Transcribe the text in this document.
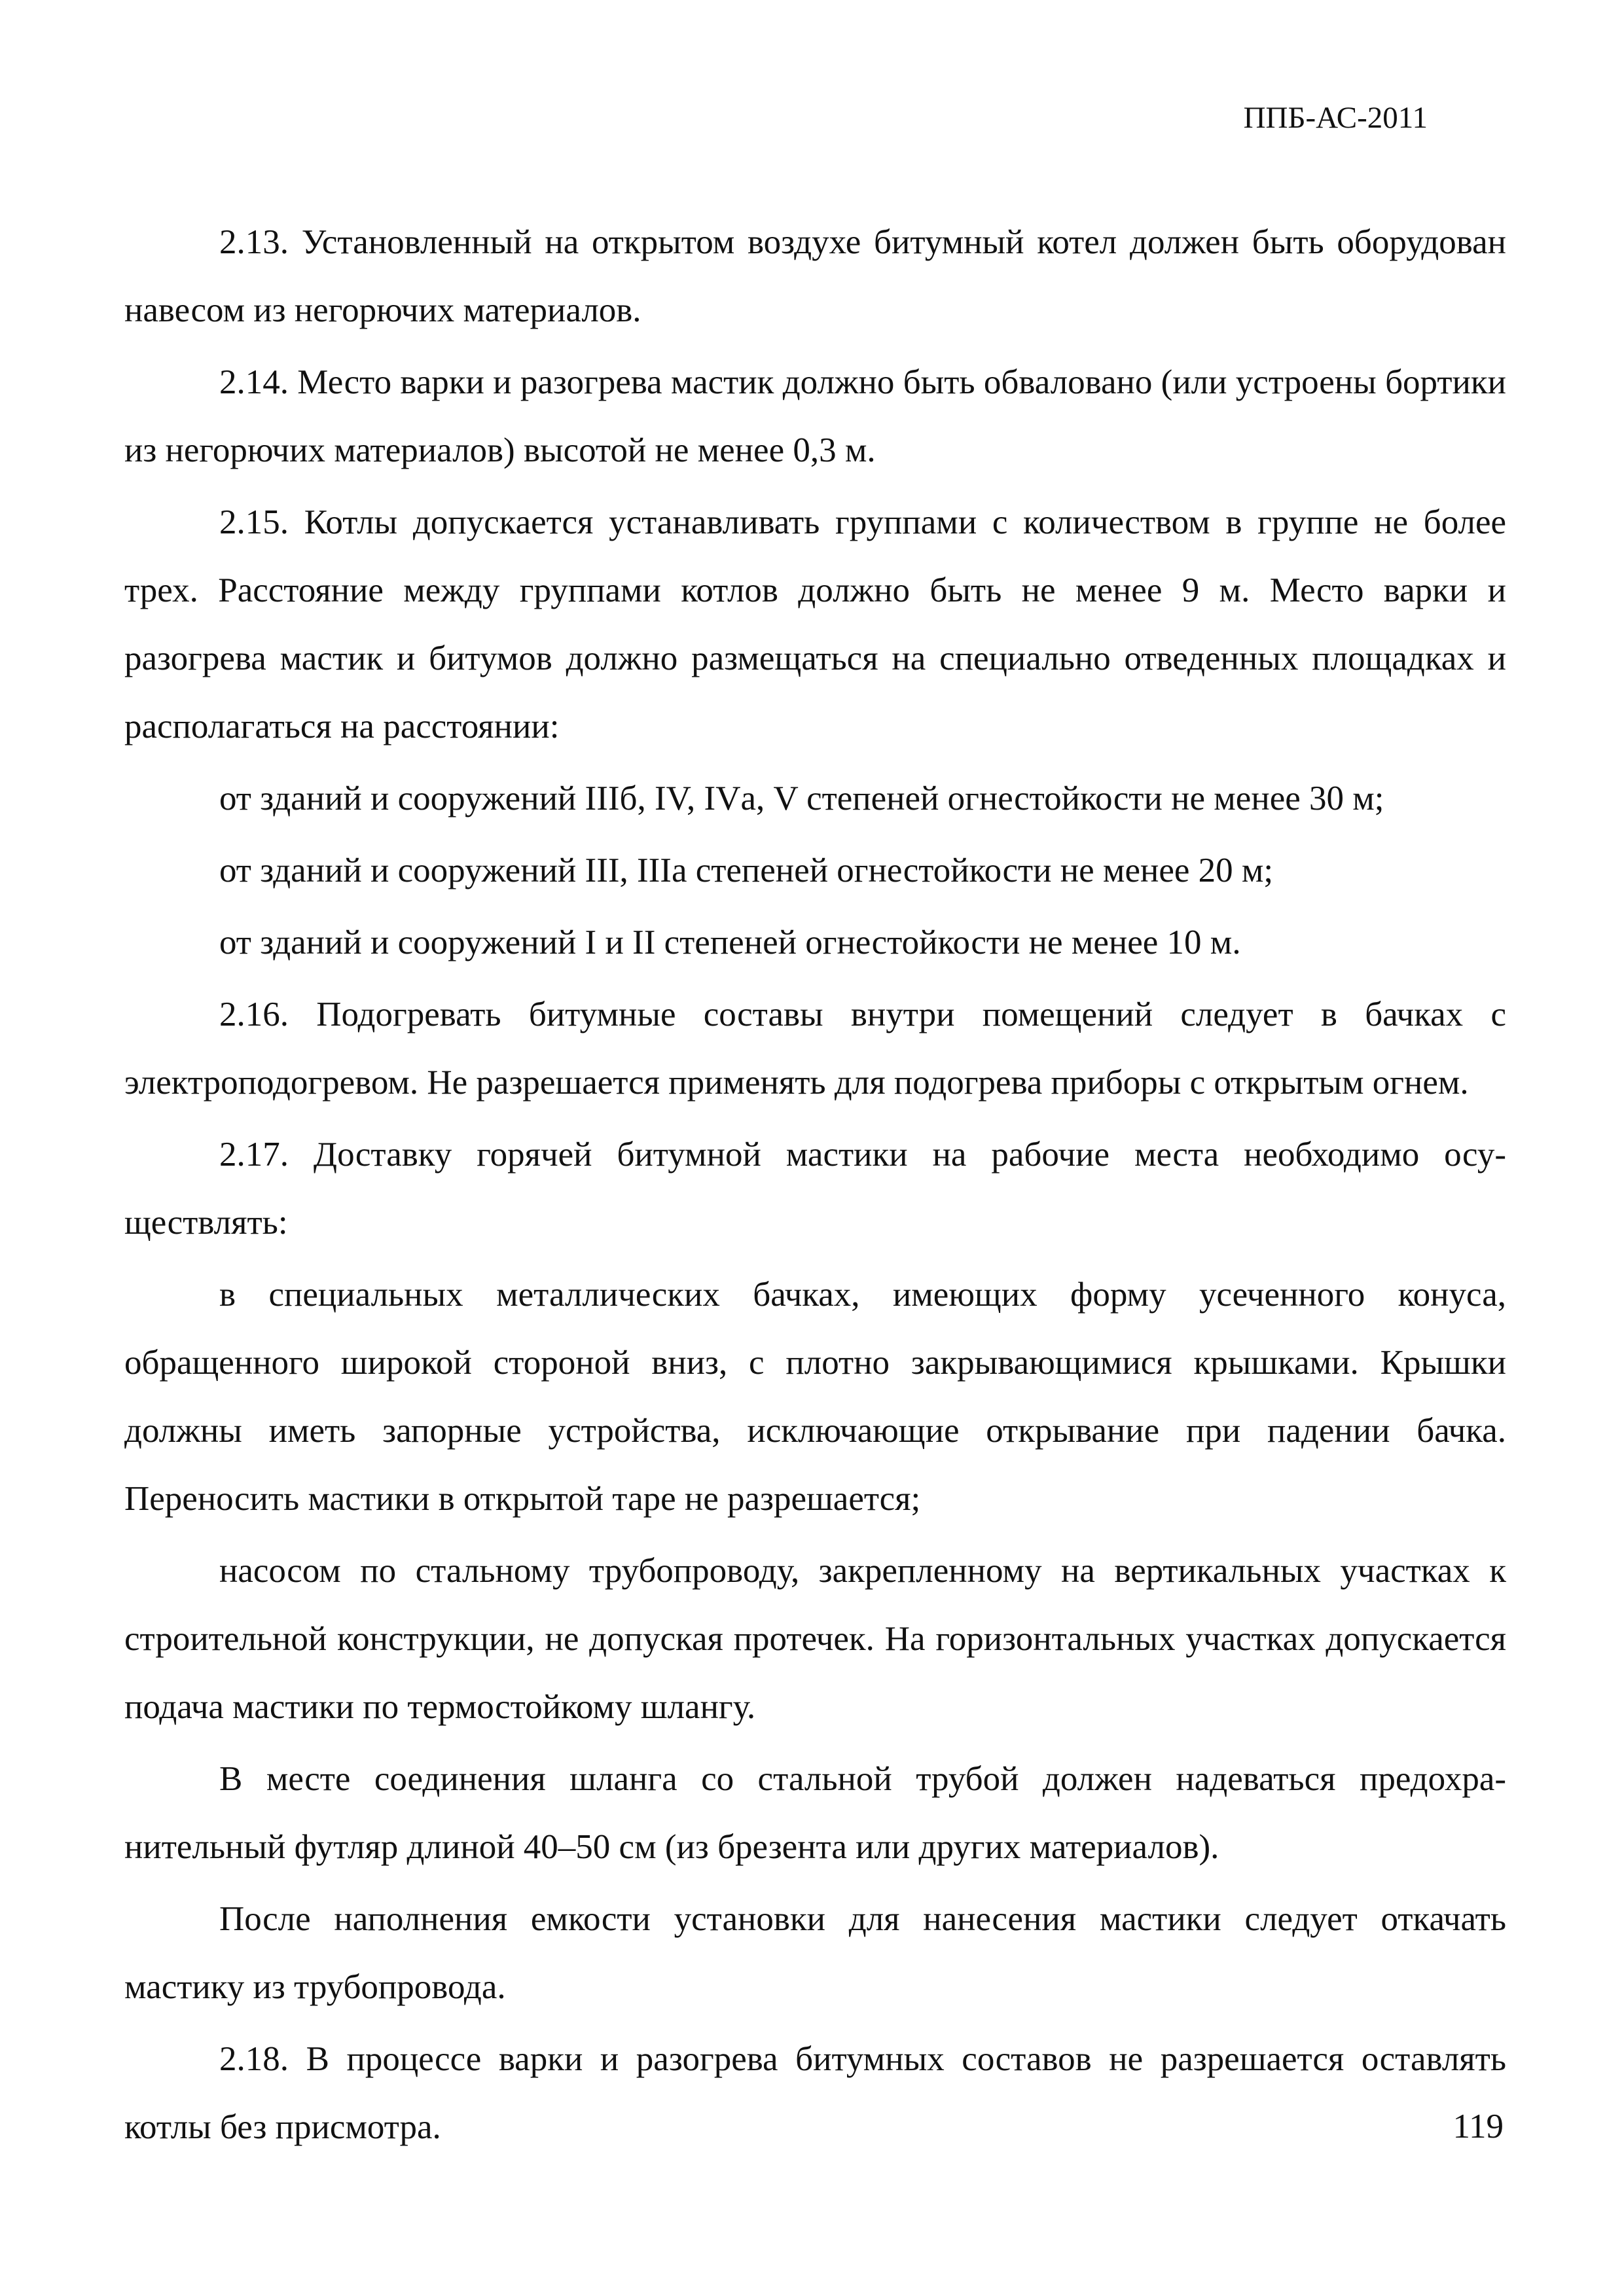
ППБ-АС-2011

2.13. Установленный на открытом воздухе битумный котел должен быть оборудован навесом из негорючих материалов.

2.14. Место варки и разогрева мастик должно быть обваловано (или устроены бортики из негорючих материалов) высотой не менее 0,3 м.

2.15. Котлы допускается устанавливать группами с количеством в группе не более трех. Расстояние между группами котлов должно быть не менее 9 м. Место варки и разогрева мастик и битумов должно размещаться на специально отведенных площадках и располагаться на расстоянии:

от зданий и сооружений IIIб, IV, IVа, V степеней огнестойкости не менее 30 м;

от зданий и сооружений III, IIIа степеней огнестойкости не менее 20 м;

от зданий и сооружений I и II степеней огнестойкости не менее 10 м.

2.16. Подогревать битумные составы внутри помещений следует в бачках с электроподогревом. Не разрешается применять для подогрева приборы с открытым огнем.

2.17. Доставку горячей битумной мастики на рабочие места необходимо осуществлять:

в специальных металлических бачках, имеющих форму усеченного конуса, обращенного широкой стороной вниз, с плотно закрывающимися крышками. Крышки должны иметь запорные устройства, исключающие открывание при падении бачка. Переносить мастики в открытой таре не разрешается;

насосом по стальному трубопроводу, закрепленному на вертикальных участках к строительной конструкции, не допуская протечек. На горизонтальных участках допускается подача мастики по термостойкому шлангу.

В месте соединения шланга со стальной трубой должен надеваться предохранительный футляр длиной 40–50 см (из брезента или других материалов).

После наполнения емкости установки для нанесения мастики следует откачать мастику из трубопровода.

2.18. В процессе варки и разогрева битумных составов не разрешается оставлять котлы без присмотра.	119
